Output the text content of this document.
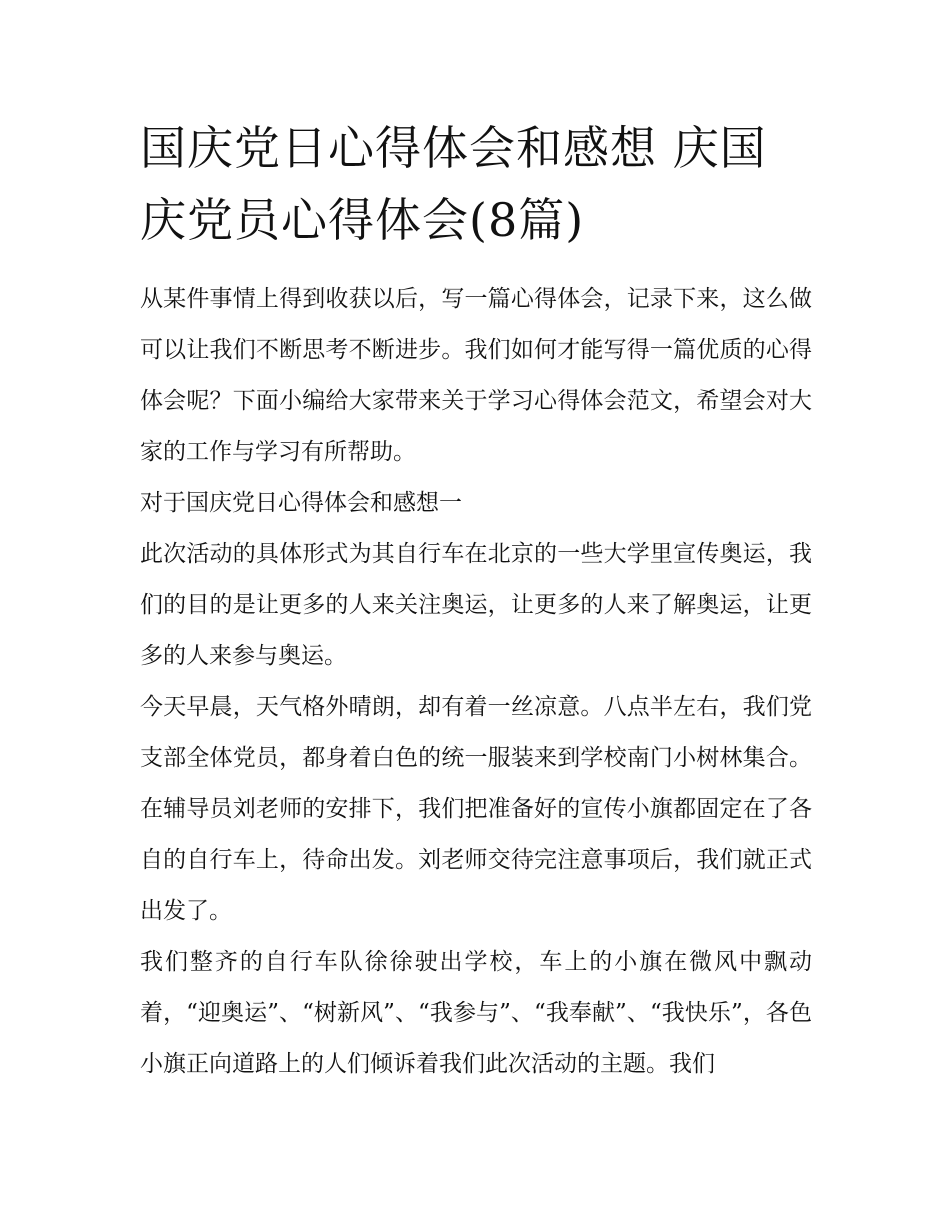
国庆党日心得体会和感想 庆国庆党员心得体会(8篇)

从某件事情上得到收获以后，写一篇心得体会，记录下来，这么做可以让我们不断思考不断进步。我们如何才能写得一篇优质的心得体会呢？下面小编给大家带来关于学习心得体会范文，希望会对大家的工作与学习有所帮助。

对于国庆党日心得体会和感想一

此次活动的具体形式为其自行车在北京的一些大学里宣传奥运，我们的目的是让更多的人来关注奥运，让更多的人来了解奥运，让更多的人来参与奥运。

今天早晨，天气格外晴朗，却有着一丝凉意。八点半左右，我们党支部全体党员，都身着白色的统一服装来到学校南门小树林集合。在辅导员刘老师的安排下，我们把准备好的宣传小旗都固定在了各自的自行车上，待命出发。刘老师交待完注意事项后，我们就正式出发了。

我们整齐的自行车队徐徐驶出学校，车上的小旗在微风中飘动着，“迎奥运”、“树新风”、“我参与”、“我奉献”、“我快乐”，各色小旗正向道路上的人们倾诉着我们此次活动的主题。我们
